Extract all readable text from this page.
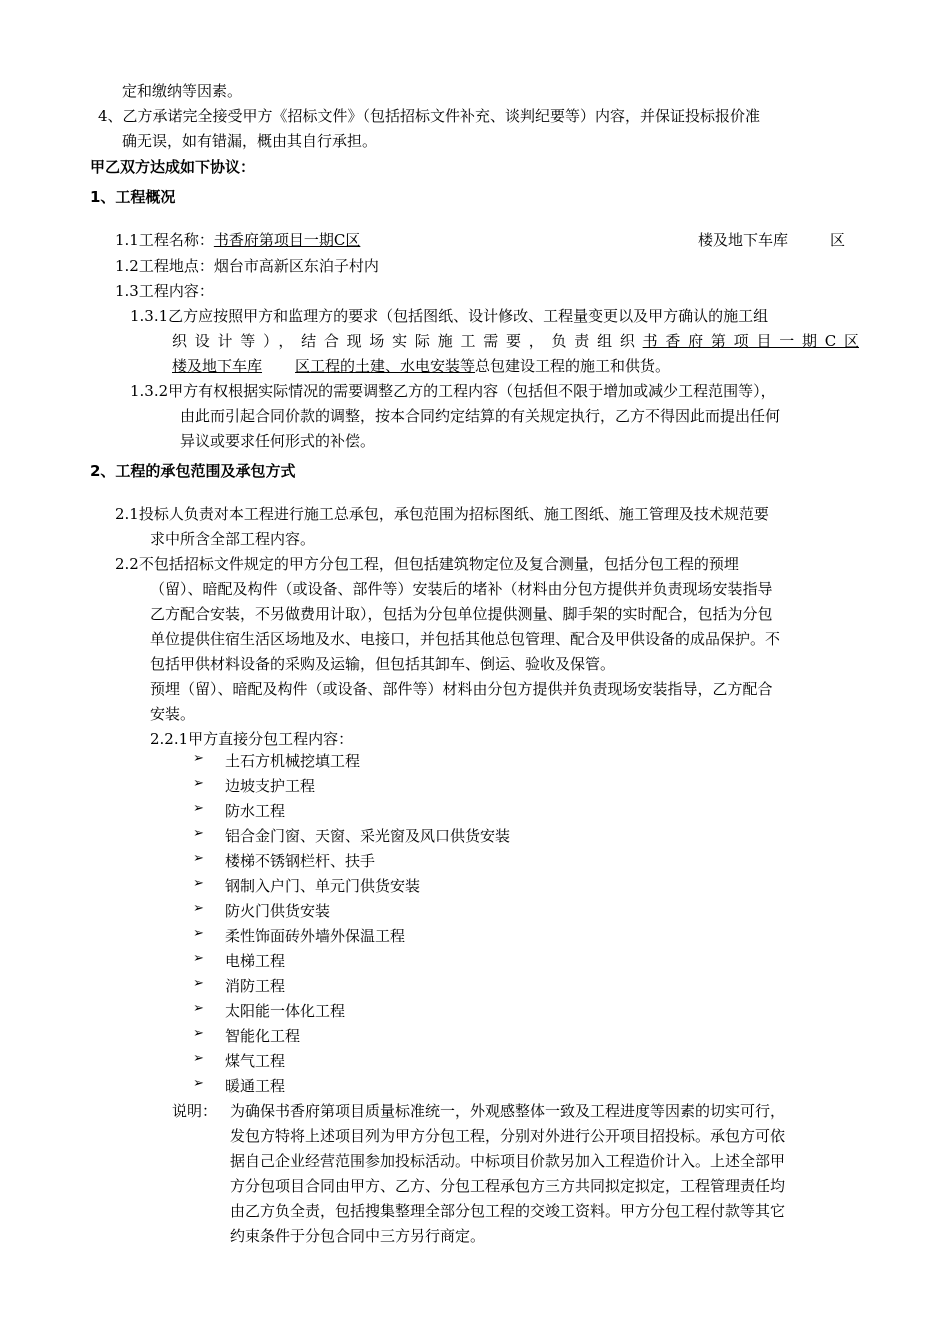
定和缴纳等因素。
4、乙方承诺完全接受甲方《招标文件》（包括招标文件补充、谈判纪要等）内容，并保证投标报价准
确无误，如有错漏，概由其自行承担。
甲乙双方达成如下协议：
1、工程概况
1.1工程名称：书香府第项目一期C区	楼及地下车库	区
1.2工程地点：烟台市高新区东泊子村内
1.3工程内容：
1.3.1乙方应按照甲方和监理方的要求（包括图纸、设计修改、工程量变更以及甲方确认的施工组
织设计等），结合现场实际施工需要，负责组织书香府第项目一期C区
楼及地下车库 区工程的土建、水电安装等总包建设工程的施工和供货。
1.3.2甲方有权根据实际情况的需要调整乙方的工程内容（包括但不限于增加或减少工程范围等），
由此而引起合同价款的调整，按本合同约定结算的有关规定执行，乙方不得因此而提出任何
异议或要求任何形式的补偿。
2、工程的承包范围及承包方式
2.1投标人负责对本工程进行施工总承包，承包范围为招标图纸、施工图纸、施工管理及技术规范要
求中所含全部工程内容。
2.2不包括招标文件规定的甲方分包工程，但包括建筑物定位及复合测量，包括分包工程的预埋
（留）、暗配及构件（或设备、部件等）安装后的堵补（材料由分包方提供并负责现场安装指导
乙方配合安装，不另做费用计取），包括为分包单位提供测量、脚手架的实时配合，包括为分包
单位提供住宿生活区场地及水、电接口，并包括其他总包管理、配合及甲供设备的成品保护。不
包括甲供材料设备的采购及运输，但包括其卸车、倒运、验收及保管。
预埋（留）、暗配及构件（或设备、部件等）材料由分包方提供并负责现场安装指导，乙方配合
安装。
2.2.1甲方直接分包工程内容：
➢ 土石方机械挖填工程
➢ 边坡支护工程
➢ 防水工程
➢ 铝合金门窗、天窗、采光窗及风口供货安装
➢ 楼梯不锈钢栏杆、扶手
➢ 钢制入户门、单元门供货安装
➢ 防火门供货安装
➢ 柔性饰面砖外墙外保温工程
➢ 电梯工程
➢ 消防工程
➢ 太阳能一体化工程
➢ 智能化工程
➢ 煤气工程
➢ 暖通工程
说明： 为确保书香府第项目质量标准统一，外观感整体一致及工程进度等因素的切实可行，
发包方特将上述项目列为甲方分包工程，分别对外进行公开项目招投标。承包方可依
据自己企业经营范围参加投标活动。中标项目价款另加入工程造价计入。上述全部甲
方分包项目合同由甲方、乙方、分包工程承包方三方共同拟定拟定，工程管理责任均
由乙方负全责，包括搜集整理全部分包工程的交竣工资料。甲方分包工程付款等其它
约束条件于分包合同中三方另行商定。
